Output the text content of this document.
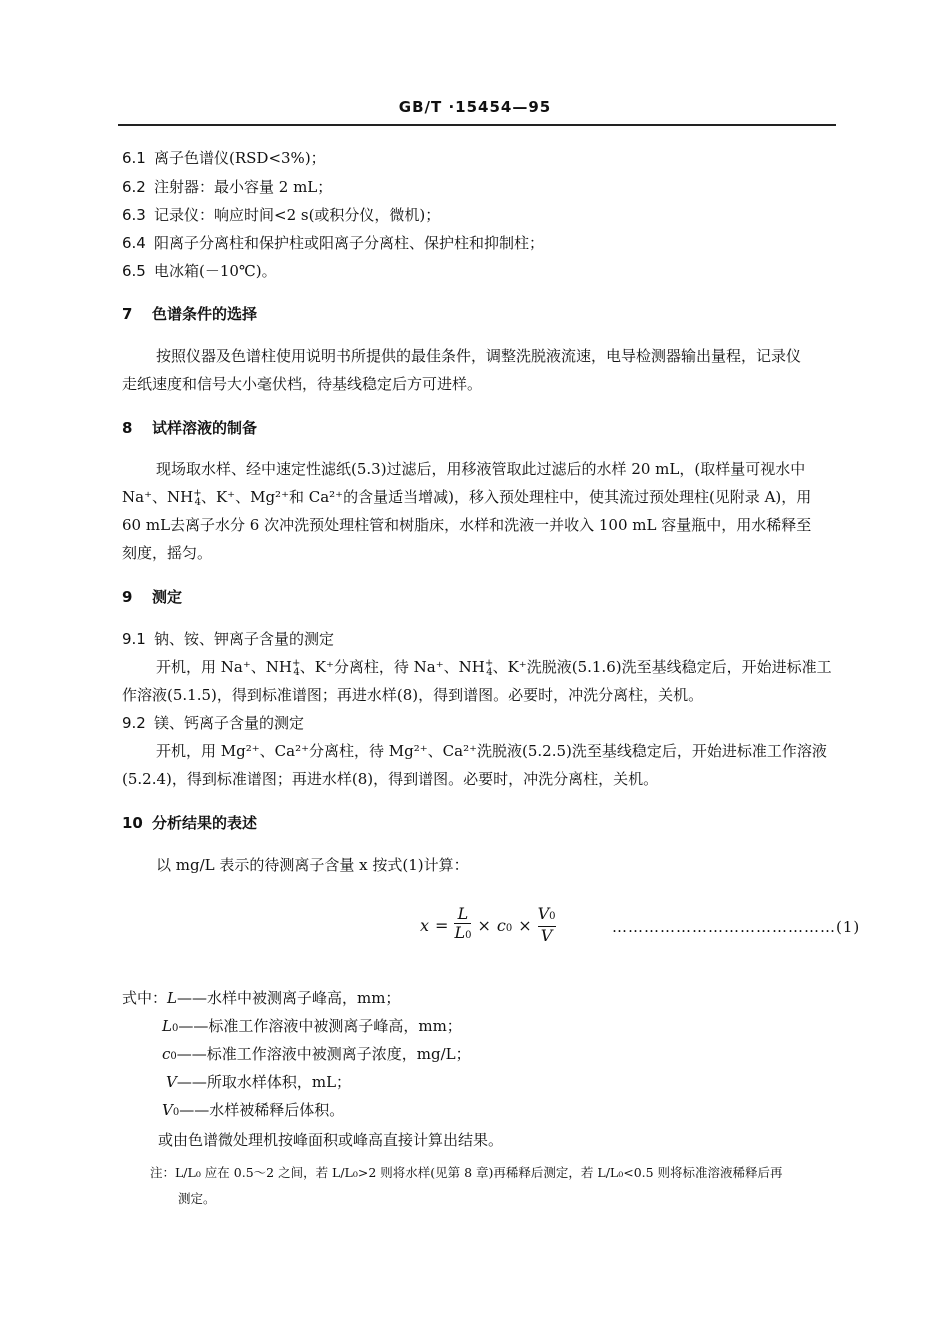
GB/T ·15454—95
6.1 离子色谱仪(RSD<3%)；
6.2 注射器：最小容量 2 mL；
6.3 记录仪：响应时间<2 s(或积分仪，微机)；
6.4 阳离子分离柱和保护柱或阳离子分离柱、保护柱和抑制柱；
6.5 电冰箱(－10℃)。
7 色谱条件的选择
按照仪器及色谱柱使用说明书所提供的最佳条件，调整洗脱液流速，电导检测器输出量程，记录仪
走纸速度和信号大小毫伏档，待基线稳定后方可进样。
8 试样溶液的制备
现场取水样、经中速定性滤纸(5.3)过滤后，用移液管取此过滤后的水样 20 mL，(取样量可视水中
Na⁺、$NH^+_4$、K⁺、Mg²⁺和 Ca²⁺的含量适当增减)，移入预处理柱中，使其流过预处理柱(见附录 A)，用
60 mL去离子水分 6 次冲洗预处理柱管和树脂床，水样和洗液一并收入 100 mL 容量瓶中，用水稀释至
刻度，摇匀。
9 测定
9.1 钠、铵、钾离子含量的测定
开机，用 Na⁺、$NH^+_4$、K⁺分离柱，待 Na⁺、$NH^+_4$、K⁺洗脱液(5.1.6)洗至基线稳定后，开始进标准工
作溶液(5.1.5)，得到标准谱图；再进水样(8)，得到谱图。必要时，冲洗分离柱，关机。
9.2 镁、钙离子含量的测定
开机，用 Mg²⁺、Ca²⁺分离柱，待 Mg²⁺、Ca²⁺洗脱液(5.2.5)洗至基线稳定后，开始进标准工作溶液
(5.2.4)，得到标准谱图；再进水样(8)，得到谱图。必要时，冲洗分离柱，关机。
10 分析结果的表述
以 mg/L 表示的待测离子含量 x 按式(1)计算：
$x = \frac{L}{L0} \times c0 \times \frac{V0}{V}$	……………………………………(1)
式中：L——水样中被测离子峰高，mm；
L0——标准工作溶液中被测离子峰高，mm；
c0——标准工作溶液中被测离子浓度，mg/L；
V——所取水样体积，mL；
V0——水样被稀释后体积。
或由色谱微处理机按峰面积或峰高直接计算出结果。
注：L/L₀ 应在 0.5～2 之间，若 L/L₀>2 则将水样(见第 8 章)再稀释后测定，若 L/L₀<0.5 则将标准溶液稀释后再
测定。
